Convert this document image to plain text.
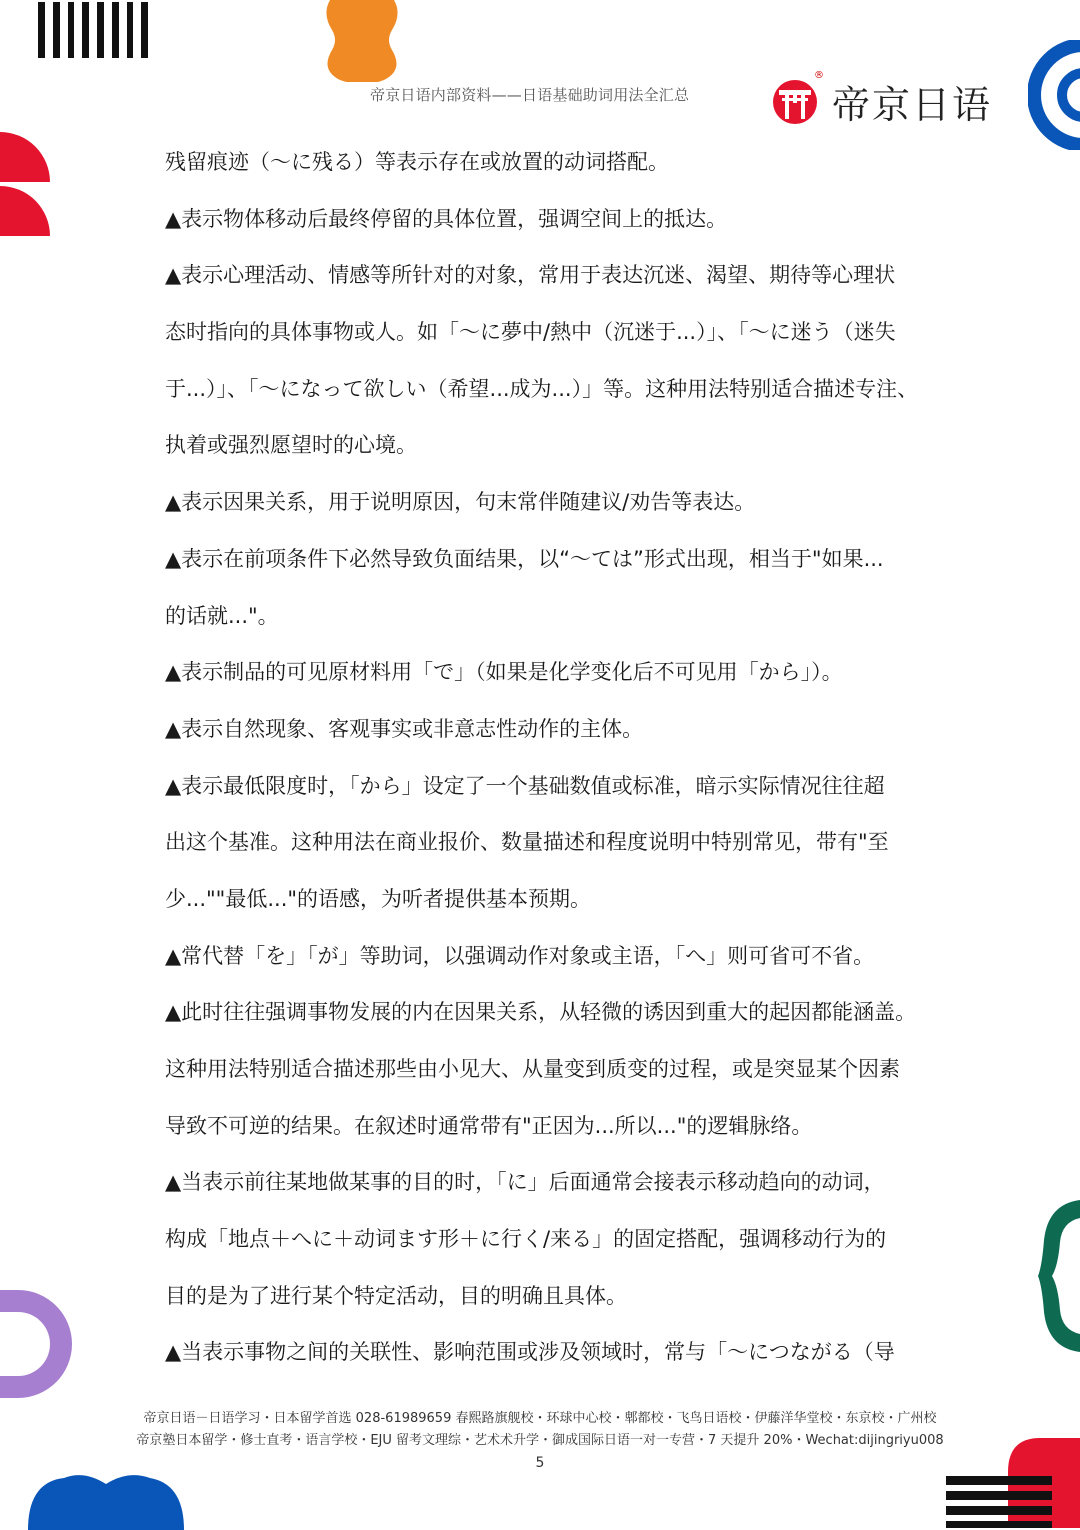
帝京日语内部资料——日语基础助词用法全汇总
®
帝京日语
残留痕迹（～に残る）等表示存在或放置的动词搭配。
▲表示物体移动后最终停留的具体位置，强调空间上的抵达。
▲表示心理活动、情感等所针对的对象，常用于表达沉迷、渴望、期待等心理状
态时指向的具体事物或人。如「～に夢中/熱中（沉迷于...）」、「～に迷う（迷失
于...）」、「～になって欲しい（希望...成为...）」等。这种用法特别适合描述专注、
执着或强烈愿望时的心境。
▲表示因果关系，用于说明原因，句末常伴随建议/劝告等表达。
▲表示在前项条件下必然导致负面结果，以“～ては”形式出现，相当于"如果...
的话就..."。
▲表示制品的可见原材料用「で」（如果是化学变化后不可见用「から」）。
▲表示自然现象、客观事实或非意志性动作的主体。
▲表示最低限度时，「から」设定了一个基础数值或标准，暗示实际情况往往超
出这个基准。这种用法在商业报价、数量描述和程度说明中特别常见，带有"至
少...""最低..."的语感，为听者提供基本预期。
▲常代替「を」「が」等助词，以强调动作对象或主语，「へ」则可省可不省。
▲此时往往强调事物发展的内在因果关系，从轻微的诱因到重大的起因都能涵盖。
这种用法特别适合描述那些由小见大、从量变到质变的过程，或是突显某个因素
导致不可逆的结果。在叙述时通常带有"正因为...所以..."的逻辑脉络。
▲当表示前往某地做某事的目的时，「に」后面通常会接表示移动趋向的动词，
构成「地点＋へに＋动词ます形＋に行く/来る」的固定搭配，强调移动行为的
目的是为了进行某个特定活动，目的明确且具体。
▲当表示事物之间的关联性、影响范围或涉及领域时，常与「～につながる（导
帝京日语－日语学习・日本留学首选 028-61989659 春熙路旗舰校・环球中心校・郫都校・飞鸟日语校・伊藤洋华堂校・东京校・广州校
帝京塾日本留学・修士直考・语言学校・EJU 留考文理综・艺术术升学・御成国际日语一对一专营・7 天提升 20%・Wechat:dijingriyu008
5
